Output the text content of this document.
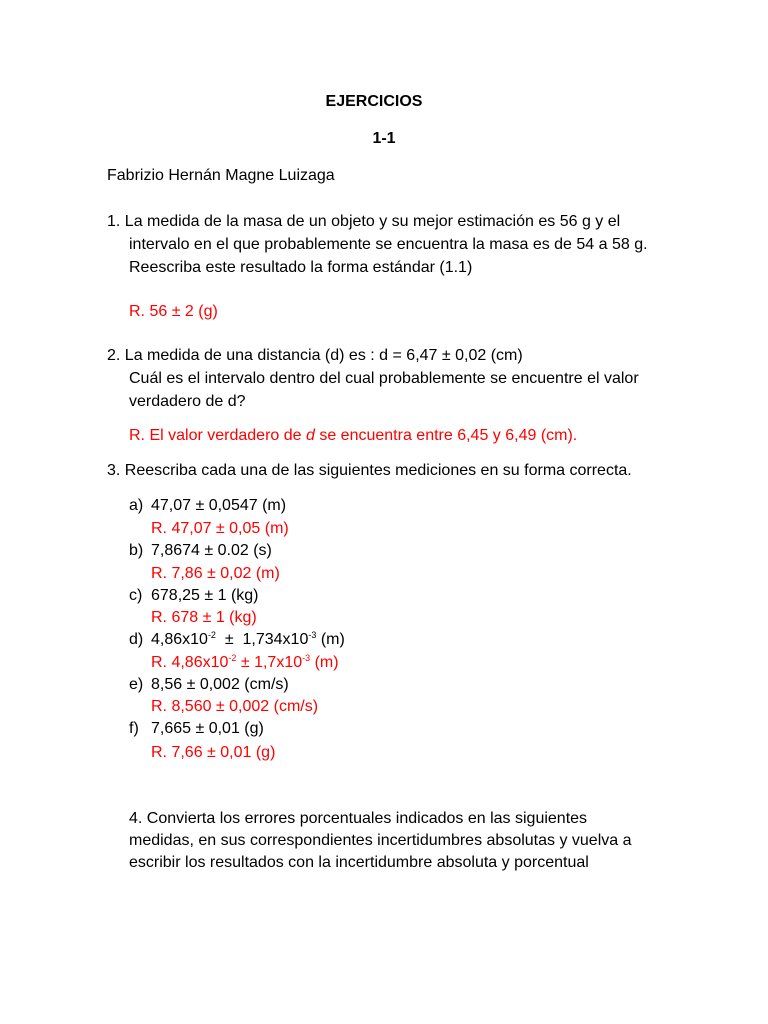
EJERCICIOS
1-1
Fabrizio Hernán Magne Luizaga
1. La medida de la masa de un objeto y su mejor estimación es 56 g y el
intervalo en el que probablemente se encuentra la masa es de 54 a 58 g.
Reescriba este resultado la forma estándar (1.1)
R. 56 ± 2 (g)
2. La medida de una distancia (d) es : d = 6,47 ± 0,02 (cm)
Cuál es el intervalo dentro del cual probablemente se encuentre el valor
verdadero de d?
R. El valor verdadero de d se encuentra entre 6,45 y 6,49 (cm).
3. Reescriba cada una de las siguientes mediciones en su forma correcta.
a) 47,07 ± 0,0547 (m)
R. 47,07 ± 0,05 (m)
b) 7,8674 ± 0.02 (s)
R. 7,86 ± 0,02 (m)
c) 678,25 ± 1 (kg)
R. 678 ± 1 (kg)
d) $4,86x10^{-2} \pm 1,734x10^{-3}$ (m)
R. $4,86x10^{-2} \pm 1,7x10^{-3}$ (m)
e) 8,56 ± 0,002 (cm/s)
R. 8,560 ± 0,002 (cm/s)
f) 7,665 ± 0,01 (g)
R. 7,66 ± 0,01 (g)
4. Convierta los errores porcentuales indicados en las siguientes
medidas, en sus correspondientes incertidumbres absolutas y vuelva a
escribir los resultados con la incertidumbre absoluta y porcentual
